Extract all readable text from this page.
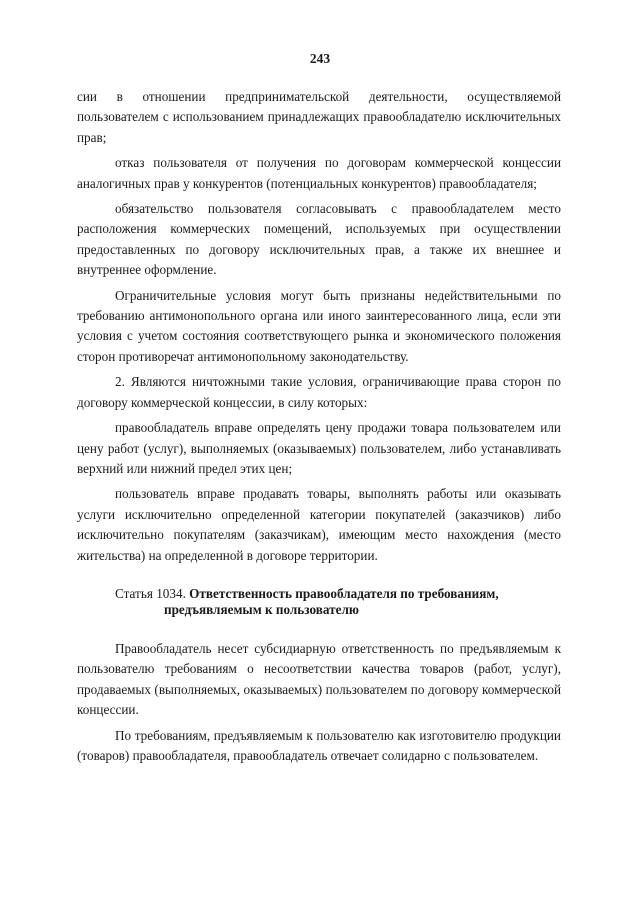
243

сии в отношении предпринимательской деятельности, осуществляемой пользователем с использованием принадлежащих правообладателю исключительных прав;

отказ пользователя от получения по договорам коммерческой концессии аналогичных прав у конкурентов (потенциальных конкурентов) правообладателя;

обязательство пользователя согласовывать с правообладателем место расположения коммерческих помещений, используемых при осуществлении предоставленных по договору исключительных прав, а также их внешнее и внутреннее оформление.

Ограничительные условия могут быть признаны недействительными по требованию антимонопольного органа или иного заинтересованного лица, если эти условия с учетом состояния соответствующего рынка и экономического положения сторон противоречат антимонопольному законодательству.

2. Являются ничтожными такие условия, ограничивающие права сторон по договору коммерческой концессии, в силу которых:

правообладатель вправе определять цену продажи товара пользователем или цену работ (услуг), выполняемых (оказываемых) пользователем, либо устанавливать верхний или нижний предел этих цен;

пользователь вправе продавать товары, выполнять работы или оказывать услуги исключительно определенной категории покупателей (заказчиков) либо исключительно покупателям (заказчикам), имеющим место нахождения (место жительства) на определенной в договоре территории.

Статья 1034. Ответственность правообладателя по требованиям,
предъявляемым к пользователю

Правообладатель несет субсидиарную ответственность по предъявляемым к пользователю требованиям о несоответствии качества товаров (работ, услуг), продаваемых (выполняемых, оказываемых) пользователем по договору коммерческой концессии.

По требованиям, предъявляемым к пользователю как изготовителю продукции (товаров) правообладателя, правообладатель отвечает солидарно с пользователем.
